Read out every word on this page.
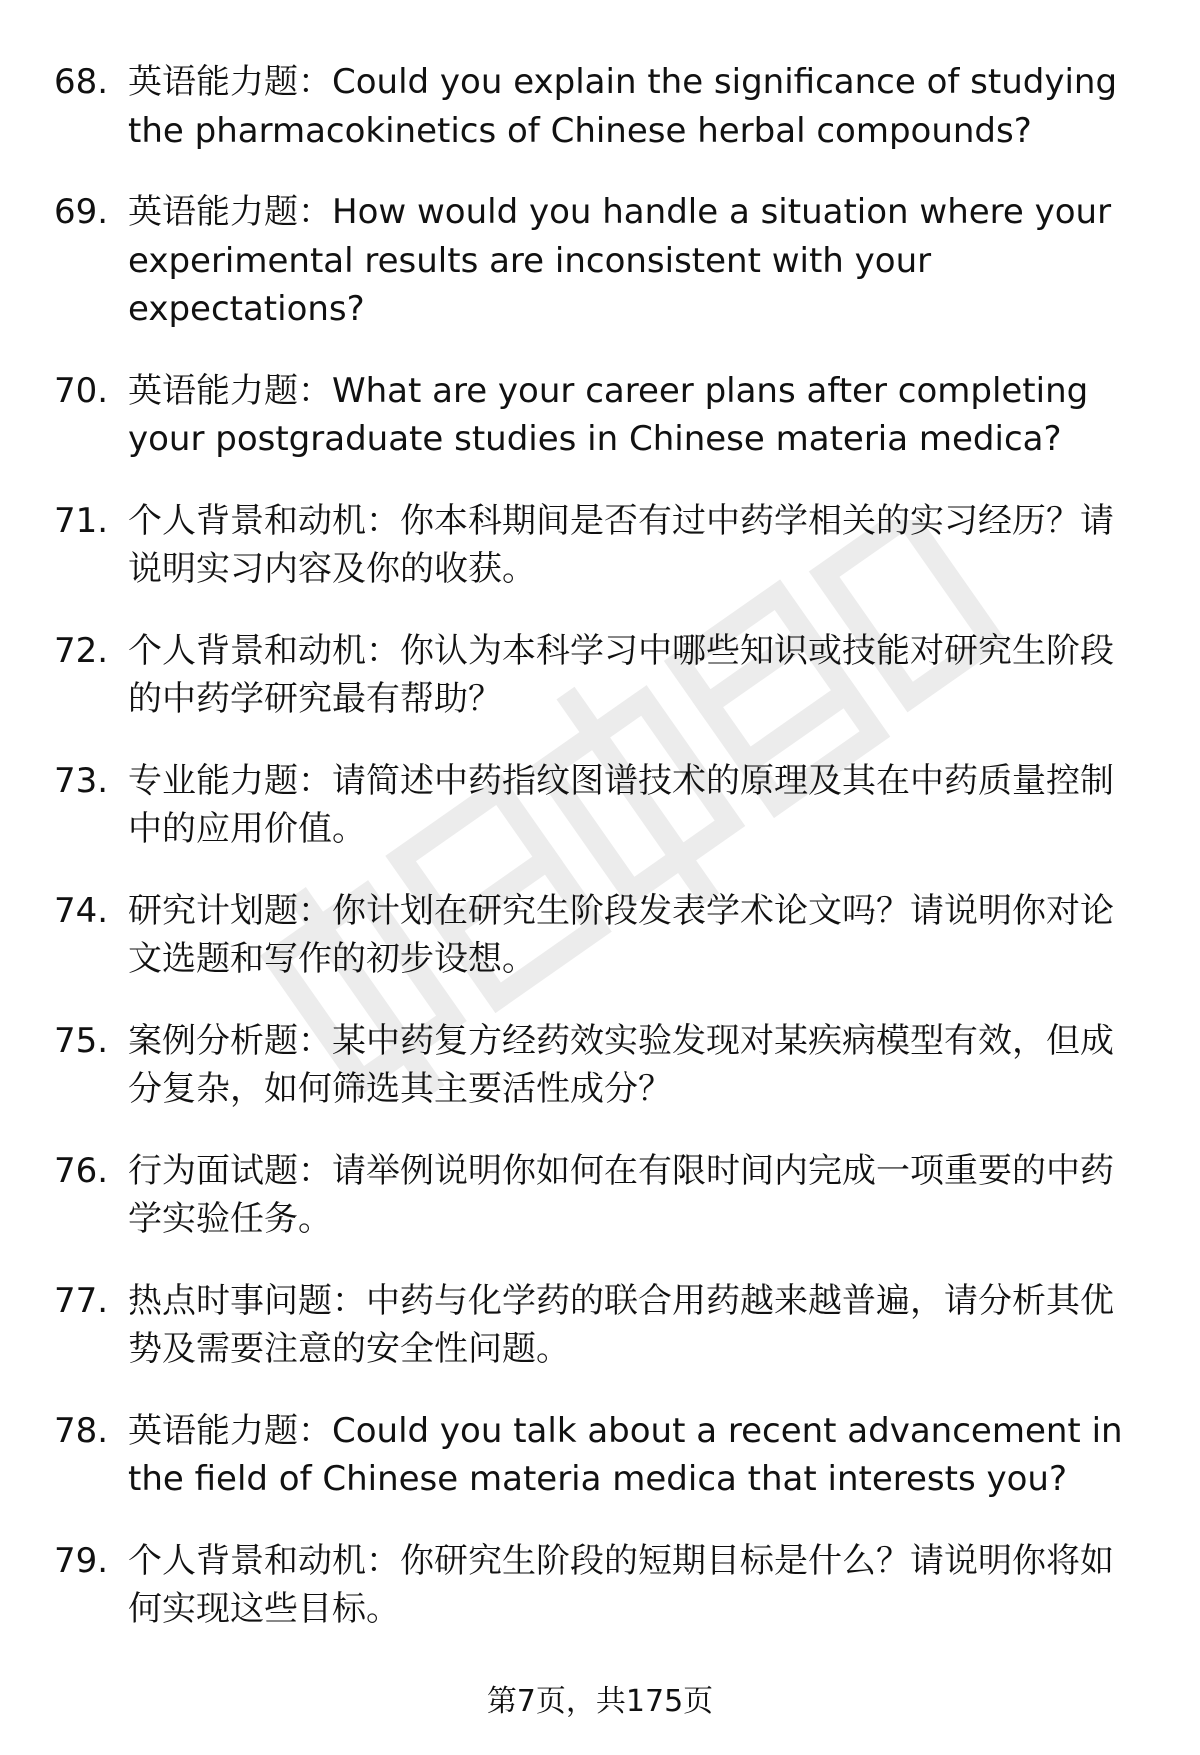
68. 英语能力题：Could you explain the significance of studying the pharmacokinetics of Chinese herbal compounds?
69. 英语能力题：How would you handle a situation where your experimental results are inconsistent with your expectations?
70. 英语能力题：What are your career plans after completing your postgraduate studies in Chinese materia medica?
71. 个人背景和动机：你本科期间是否有过中药学相关的实习经历？请说明实习内容及你的收获。
72. 个人背景和动机：你认为本科学习中哪些知识或技能对研究生阶段的中药学研究最有帮助？
73. 专业能力题：请简述中药指纹图谱技术的原理及其在中药质量控制中的应用价值。
74. 研究计划题：你计划在研究生阶段发表学术论文吗？请说明你对论文选题和写作的初步设想。
75. 案例分析题：某中药复方经药效实验发现对某疾病模型有效，但成分复杂，如何筛选其主要活性成分？
76. 行为面试题：请举例说明你如何在有限时间内完成一项重要的中药学实验任务。
77. 热点时事问题：中药与化学药的联合用药越来越普遍，请分析其优势及需要注意的安全性问题。
78. 英语能力题：Could you talk about a recent advancement in the field of Chinese materia medica that interests you?
79. 个人背景和动机：你研究生阶段的短期目标是什么？请说明你将如何实现这些目标。
第7页，共175页
